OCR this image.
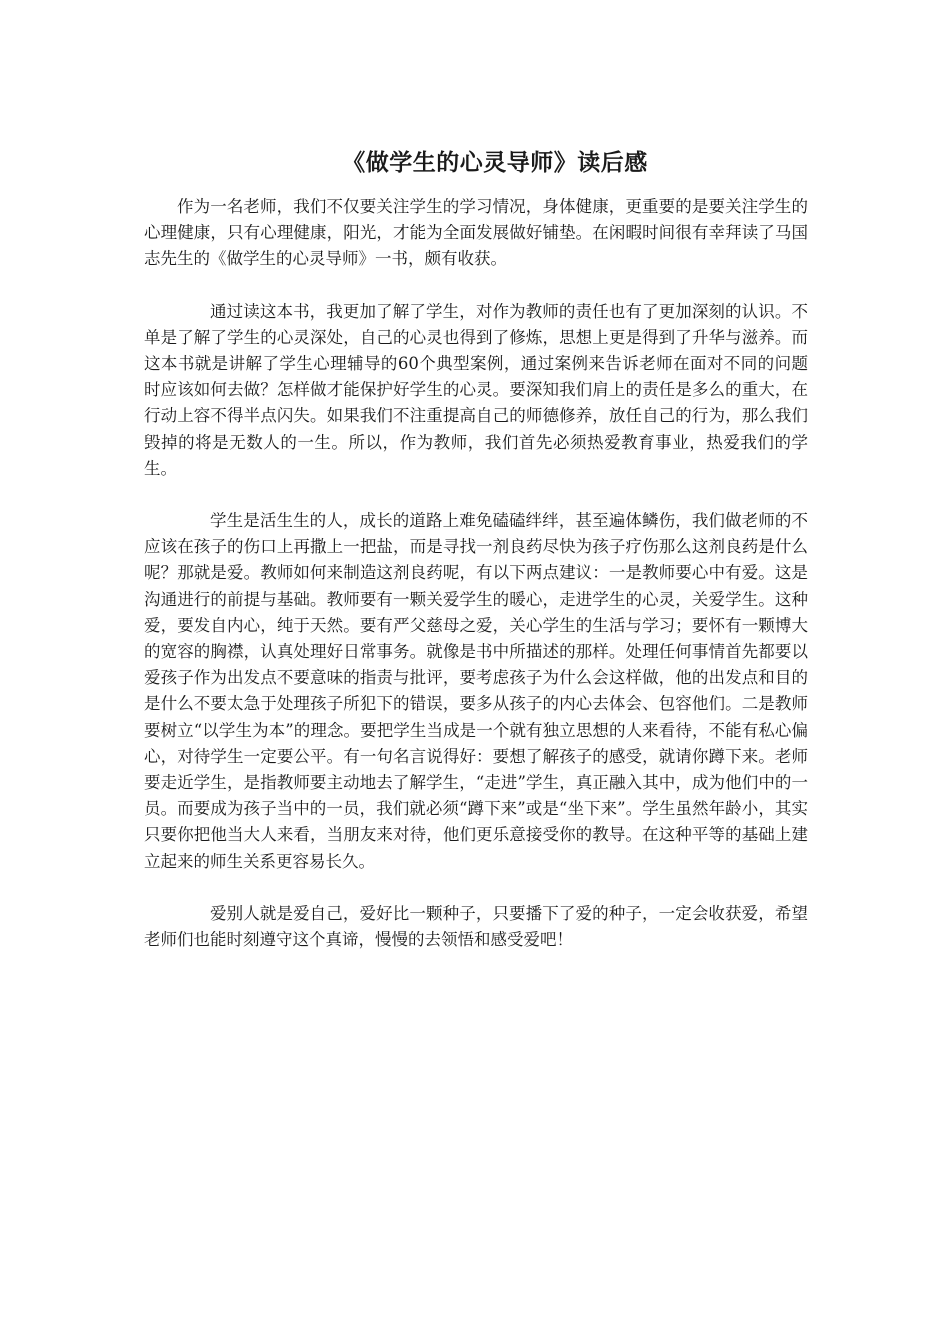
《做学生的心灵导师》读后感

作为一名老师，我们不仅要关注学生的学习情况，身体健康，更重要的是要关注学生的心理健康，只有心理健康，阳光，才能为全面发展做好铺垫。在闲暇时间很有幸拜读了马国志先生的《做学生的心灵导师》一书，颇有收获。

通过读这本书，我更加了解了学生，对作为教师的责任也有了更加深刻的认识。不单是了解了学生的心灵深处，自己的心灵也得到了修炼，思想上更是得到了升华与滋养。而这本书就是讲解了学生心理辅导的60个典型案例，通过案例来告诉老师在面对不同的问题时应该如何去做？怎样做才能保护好学生的心灵。要深知我们肩上的责任是多么的重大，在行动上容不得半点闪失。如果我们不注重提高自己的师德修养，放任自己的行为，那么我们毁掉的将是无数人的一生。所以，作为教师，我们首先必须热爱教育事业，热爱我们的学生。

学生是活生生的人，成长的道路上难免磕磕绊绊，甚至遍体鳞伤，我们做老师的不应该在孩子的伤口上再撒上一把盐，而是寻找一剂良药尽快为孩子疗伤那么这剂良药是什么呢？那就是爱。教师如何来制造这剂良药呢，有以下两点建议：一是教师要心中有爱。这是沟通进行的前提与基础。教师要有一颗关爱学生的暖心，走进学生的心灵，关爱学生。这种爱，要发自内心，纯于天然。要有严父慈母之爱，关心学生的生活与学习；要怀有一颗博大的宽容的胸襟，认真处理好日常事务。就像是书中所描述的那样。处理任何事情首先都要以爱孩子作为出发点不要意味的指责与批评，要考虑孩子为什么会这样做，他的出发点和目的是什么不要太急于处理孩子所犯下的错误，要多从孩子的内心去体会、包容他们。二是教师要树立“以学生为本”的理念。要把学生当成是一个就有独立思想的人来看待，不能有私心偏心，对待学生一定要公平。有一句名言说得好：要想了解孩子的感受，就请你蹲下来。老师要走近学生，是指教师要主动地去了解学生，“走进”学生，真正融入其中，成为他们中的一员。而要成为孩子当中的一员，我们就必须“蹲下来”或是“坐下来”。学生虽然年龄小，其实只要你把他当大人来看，当朋友来对待，他们更乐意接受你的教导。在这种平等的基础上建立起来的师生关系更容易长久。

爱别人就是爱自己，爱好比一颗种子，只要播下了爱的种子，一定会收获爱，希望老师们也能时刻遵守这个真谛，慢慢的去领悟和感受爱吧！
